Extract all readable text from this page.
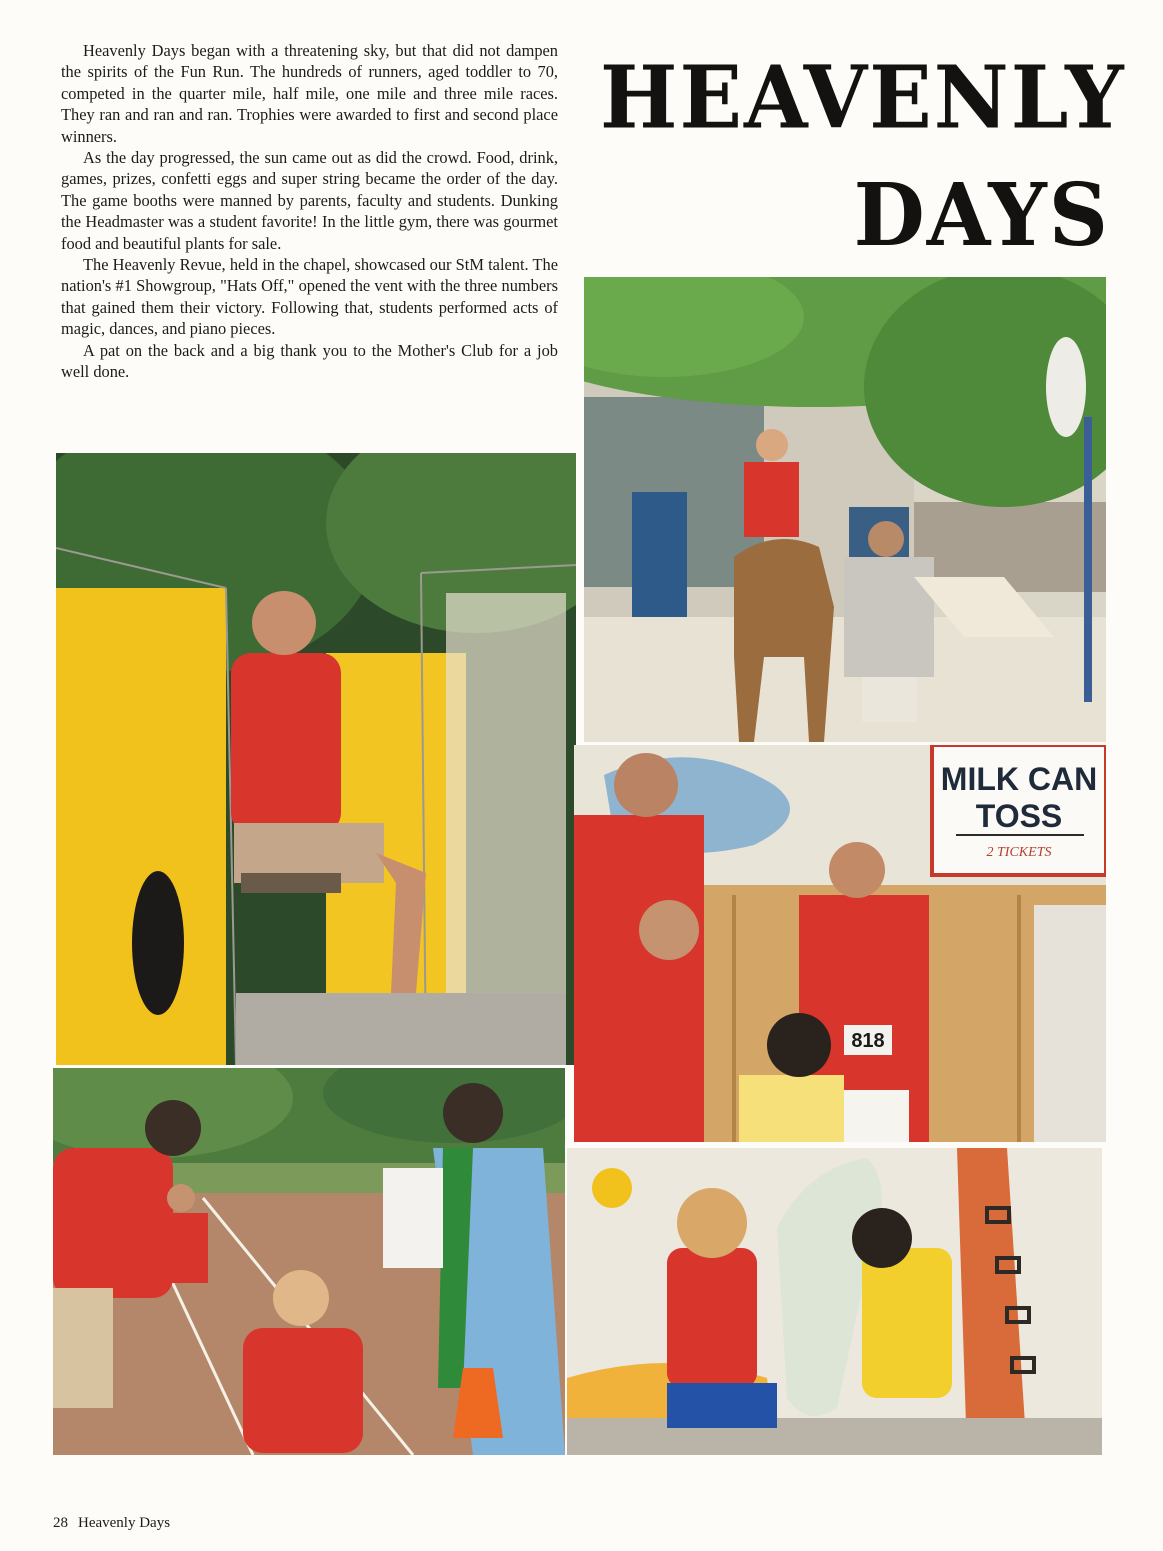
Heavenly Days began with a threatening sky, but that did not dampen the spirits of the Fun Run. The hundreds of runners, aged toddler to 70, competed in the quarter mile, half mile, one mile and three mile races. They ran and ran and ran. Trophies were awarded to first and second place winners.

As the day progressed, the sun came out as did the crowd. Food, drink, games, prizes, confetti eggs and super string became the order of the day. The game booths were manned by parents, faculty and students. Dunking the Headmaster was a student favorite! In the little gym, there was gourmet food and beautiful plants for sale.

The Heavenly Revue, held in the chapel, showcased our StM talent. The nation's #1 Showgroup, "Hats Off," opened the vent with the three numbers that gained them their victory. Following that, students performed acts of magic, dances, and piano pieces.

A pat on the back and a big thank you to the Mother's Club for a job well done.

HEAVENLY
DAYS
MILK CAN
TOSS
2 TICKETS
818
28 Heavenly Days
